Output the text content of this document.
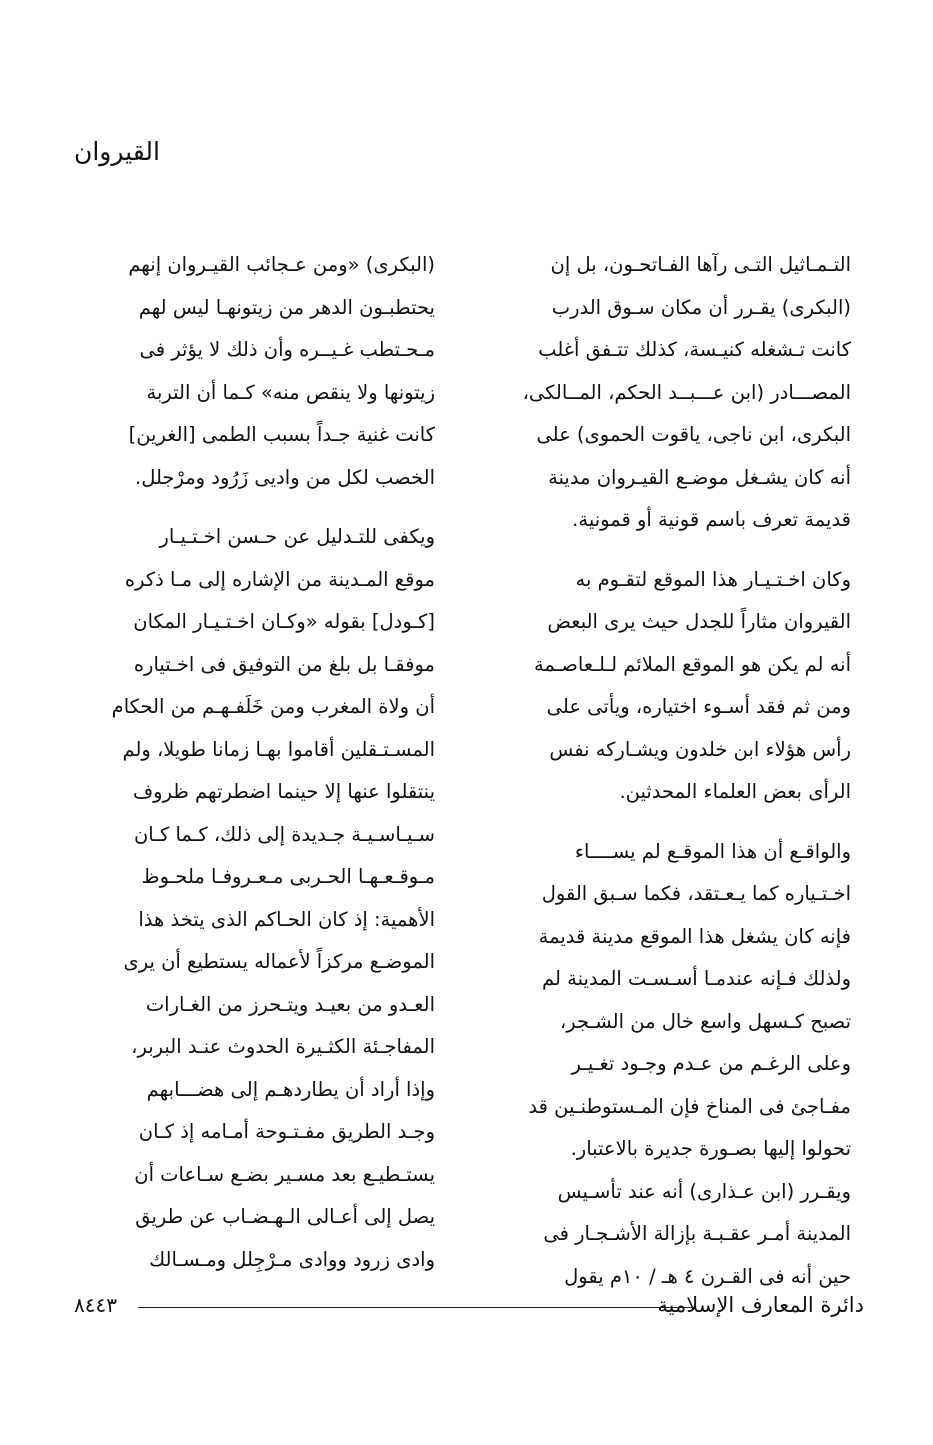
القيروان
التـمـاثيل التـى رآها الفـاتحـون، بل إن
(البكرى) يقـرر أن مكان سـوق الدرب
كانت تـشغله كنيـسة، كذلك تتـفق أغلب
المصـــادر (ابن عـــبــد الحكم، المــالكى،
البكرى، ابن ناجى، ياقوت الحموى) على
أنه كان يشـغل موضـع القيـروان مدينة
قديمة تعرف باسم قونية أو قمونية.
وكان اخـتـيـار هذا الموقع لتقـوم به
القيروان مثاراً للجدل حيث يرى البعض
أنه لم يكن هو الموقع الملائم لـلـعاصـمة
ومن ثم فقد أسـوء اختياره، ويأتى على
رأس هؤلاء ابن خلدون ويشـاركه نفس
الرأى بعض العلماء المحدثين.
والواقـع أن هذا الموقـع لم يســــاء
اخـتـياره كما يـعـتقد، فكما سـبق القول
فإنه كان يشغل هذا الموقع مدينة قديمة
ولذلك فـإنه عندمـا أسـسـت المدينة لم
تصبح كـسهل واسع خال من الشـجر،
وعلى الرغـم من عـدم وجـود تغـيـر
مفـاجئ فى المناخ فإن المـستوطنـين قد
تحولوا إليها بصـورة جديرة بالاعتبار.
ويقـرر (ابن عـذارى) أنه عند تأسـيس
المدينة أمـر عقـبـة بإزالة الأشـجـار فى
حين أنه فى القـرن ٤ هـ / ١٠م يقول
(البكرى) «ومن عـجائب القيـروان إنهم
يحتطبـون الدهر من زيتونهـا ليس لهم
مـحـتطب غـيــره وأن ذلك لا يؤثر فى
زيتونها ولا ينقص منه» كـما أن التربة
كانت غنية جـداً بسبب الطمى [الغرين]
الخصب لكل من واديى زَرُود ومرْجلل.
ويكفى للتـدليل عن حـسن اخـتـيـار
موقع المـدينة من الإشاره إلى مـا ذكره
[كـودل] بقوله «وكـان اخـتـيـار المكان
موفقـا بل بلغ من التوفيق فى اخـتياره
أن ولاة المغرب ومن خَلَفـهـم من الحكام
المسـتـقلين أقاموا بهـا زمانا طويلا، ولم
ينتقلوا عنها إلا حينما اضطرتهم ظروف
سـيـاسـيـة جـديدة إلى ذلك، كـما كـان
مـوقـعـهـا الحـربى مـعـروفـا ملحـوظ
الأهمية: إذ كان الحـاكم الذى يتخذ هذا
الموضـع مركزاً لأعماله يستطيع أن يرى
العـدو من بعيـد ويتـحرز من الغـارات
المفاجـئة الكثـيرة الحدوث عنـد البربر،
وإذا أراد أن يطاردهـم إلى هضـــابهم
وجـد الطريق مفـتـوحة أمـامه إذ كـان
يستـطيـع بعد مسـير بضـع سـاعات أن
يصل إلى أعـالى الـهـضـاب عن طريق
وادى زرود ووادى مـرْجِلل ومـسـالك
دائرة المعارف الإسلامية
٨٤٤٣
